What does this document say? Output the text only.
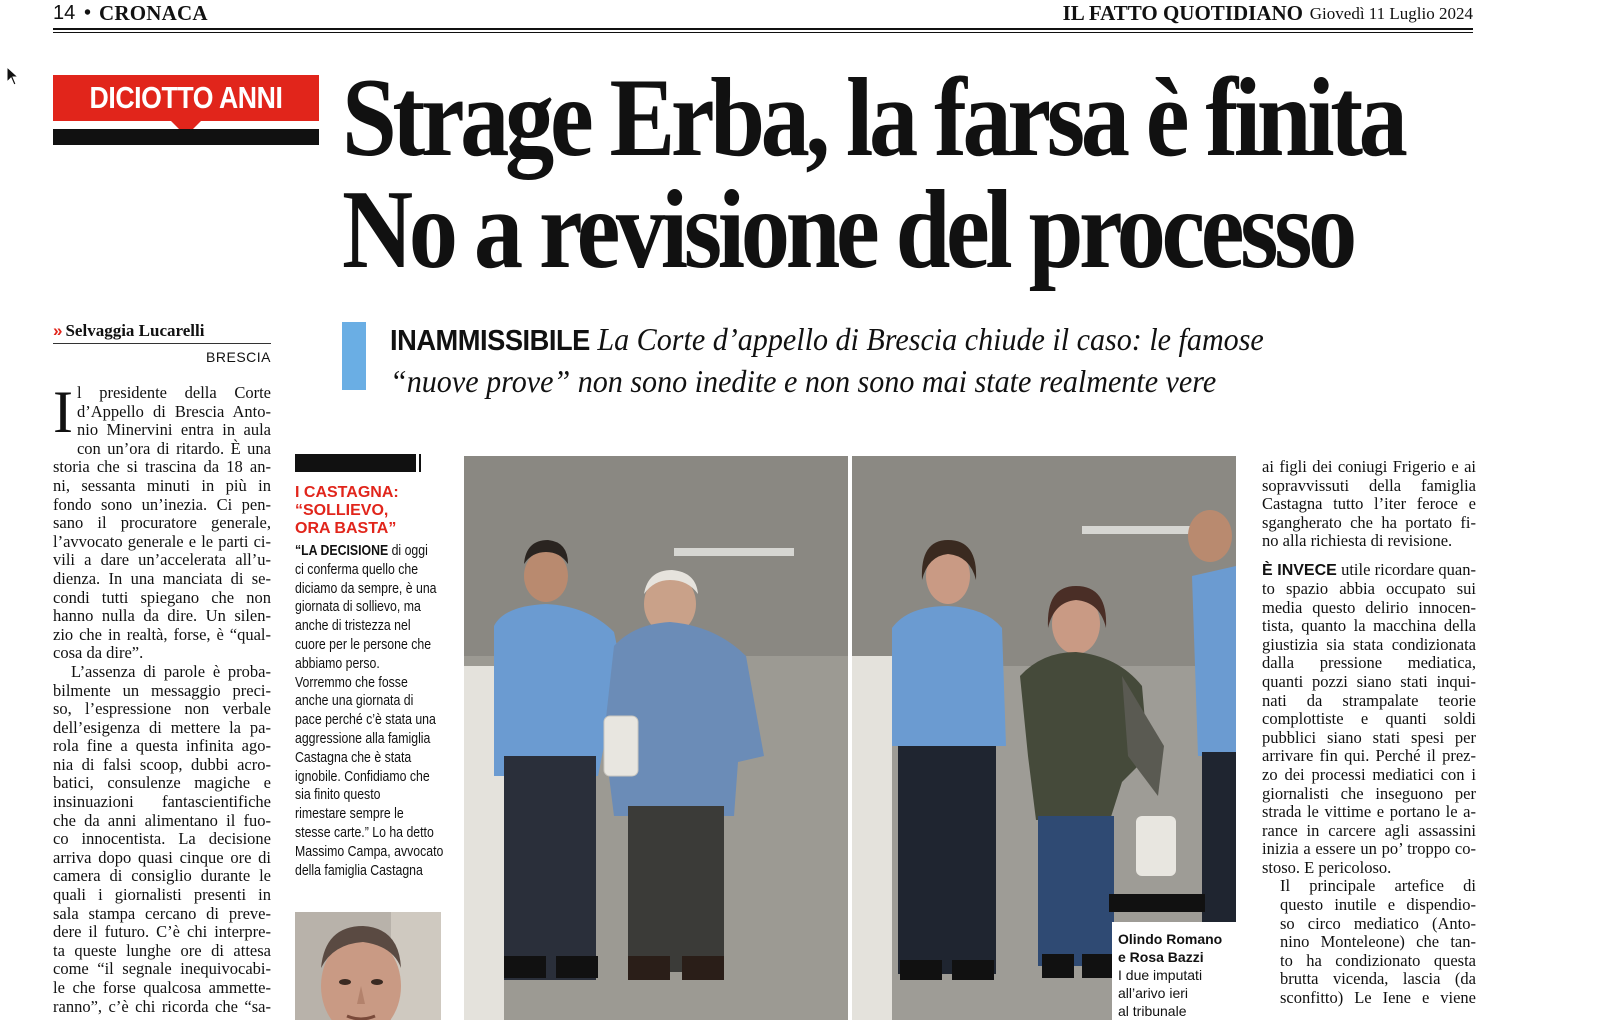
14 • CRONACA	IL FATTO QUOTIDIANO Giovedì 11 Luglio 2024
DICIOTTO ANNI Strage Erba, la farsa è finita
No a revisione del processo
INAMMISSIBILE La Corte d’appello di Brescia chiude il caso: le famose
“nuove prove” non sono inedite e non sono mai state realmente vere
» Selvaggia Lucarelli
BRESCIA
I l presidente della Corte
d’Appello di Brescia Anto-
nio Minervini entra in aula
con un’ora di ritardo. È una
storia che si trascina da 18 an-
ni, sessanta minuti in più in
fondo sono un’inezia. Ci pen-
sano il procuratore generale,
l’avvocato generale e le parti ci-
vili a dare un’accelerata all’u-
dienza. In una manciata di se-
condi tutti spiegano che non
hanno nulla da dire. Un silen-
zio che in realtà, forse, è “qual-
cosa da dire”.
L’assenza di parole è proba-
bilmente un messaggio preci-
so, l’espressione non verbale
dell’esigenza di mettere la pa-
rola fine a questa infinita ago-
nia di falsi scoop, dubbi acro-
batici, consulenze magiche e
insinuazioni fantascientifiche
che da anni alimentano il fuo-
co innocentista. La decisione
arriva dopo quasi cinque ore di
camera di consiglio durante le
quali i giornalisti presenti in
sala stampa cercano di preve-
dere il futuro. C’è chi interpre-
ta queste lunghe ore di attesa
come “il segnale inequivocabi-
le che forse qualcosa ammette-
ranno”, c’è chi ricorda che “sa-
I CASTAGNA:
“SOLLIEVO,
ORA BASTA”
“LA DECISIONE di oggi
ci conferma quello che
diciamo da sempre, è una
giornata di sollievo, ma
anche di tristezza nel
cuore per le persone che
abbiamo perso.
Vorremmo che fosse
anche una giornata di
pace perché c’è stata una
aggressione alla famiglia
Castagna che è stata
ignobile. Confidiamo che
sia finito questo
rimestare sempre le
stesse carte.” Lo ha detto
Massimo Campa, avvocato
della famiglia Castagna
Olindo Romano
e Rosa Bazzi
I due imputati
all’arivo ieri
al tribunale
ai figli dei coniugi Frigerio e ai
sopravvissuti della famiglia
Castagna tutto l’iter feroce e
sgangherato che ha portato fi-
no alla richiesta di revisione.
È INVECE utile ricordare quan-
to spazio abbia occupato sui
media questo delirio innocen-
tista, quanto la macchina della
giustizia sia stata condizionata
dalla pressione mediatica,
quanti pozzi siano stati inqui-
nati da strampalate teorie
complottiste e quanti soldi
pubblici siano stati spesi per
arrivare fin qui. Perché il prez-
zo dei processi mediatici con i
giornalisti che inseguono per
strada le vittime e portano le a-
rance in carcere agli assassini
inizia a essere un po’ troppo co-
stoso. E pericoloso.
Il principale artefice di
questo inutile e dispendio-
so circo mediatico (Anto-
nino Monteleone) che tan-
to ha condizionato questa
brutta vicenda, lascia (da
sconfitto) Le Iene e viene
